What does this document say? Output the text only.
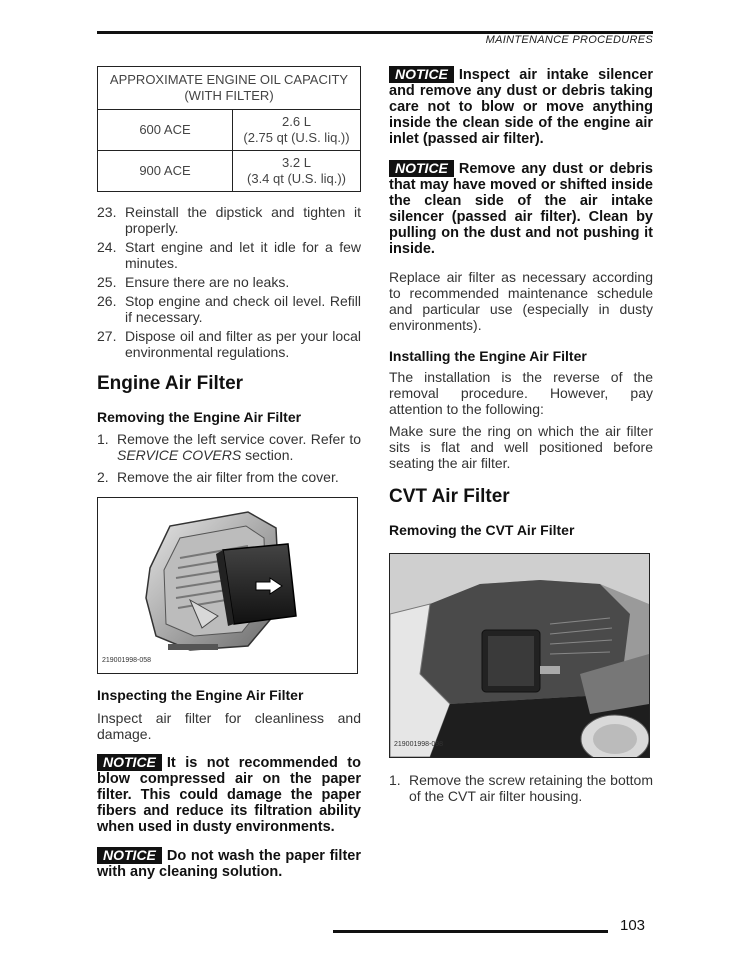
MAINTENANCE PROCEDURES
APPROXIMATE ENGINE OIL CAPACITY (WITH FILTER)	
600 ACE	2.6 L
(2.75 qt (U.S. liq.))

900 ACE	3.2 L
(3.4 qt (U.S. liq.))
23. Reinstall the dipstick and tighten it properly.
24. Start engine and let it idle for a few minutes.
25. Ensure there are no leaks.
26. Stop engine and check oil level. Refill if necessary.
27. Dispose oil and filter as per your local environmental regulations.
Engine Air Filter
Removing the Engine Air Filter
1. Remove the left service cover. Refer to SERVICE COVERS section.
2. Remove the air filter from the cover.
219001998-058
Inspecting the Engine Air Filter

Inspect air filter for cleanliness and damage.

NOTICE It is not recommended to blow compressed air on the paper filter. This could damage the paper fibers and reduce its filtration ability when used in dusty environments.
NOTICE Do not wash the paper filter with any cleaning solution.
NOTICE Inspect air intake silencer and remove any dust or debris taking care not to blow or move anything inside the clean side of the engine air inlet (passed air filter).
NOTICE Remove any dust or debris that may have moved or shifted inside the clean side of the air intake silencer (passed air filter). Clean by pulling on the dust and not pushing it inside.

Replace air filter as necessary according to recommended maintenance schedule and particular use (especially in dusty environments).

Installing the Engine Air Filter

The installation is the reverse of the removal procedure. However, pay attention to the following:

Make sure the ring on which the air filter sits is flat and well positioned before seating the air filter.

CVT Air Filter
Removing the CVT Air Filter
219001998-098
1. Remove the screw retaining the bottom of the CVT air filter housing.
103
